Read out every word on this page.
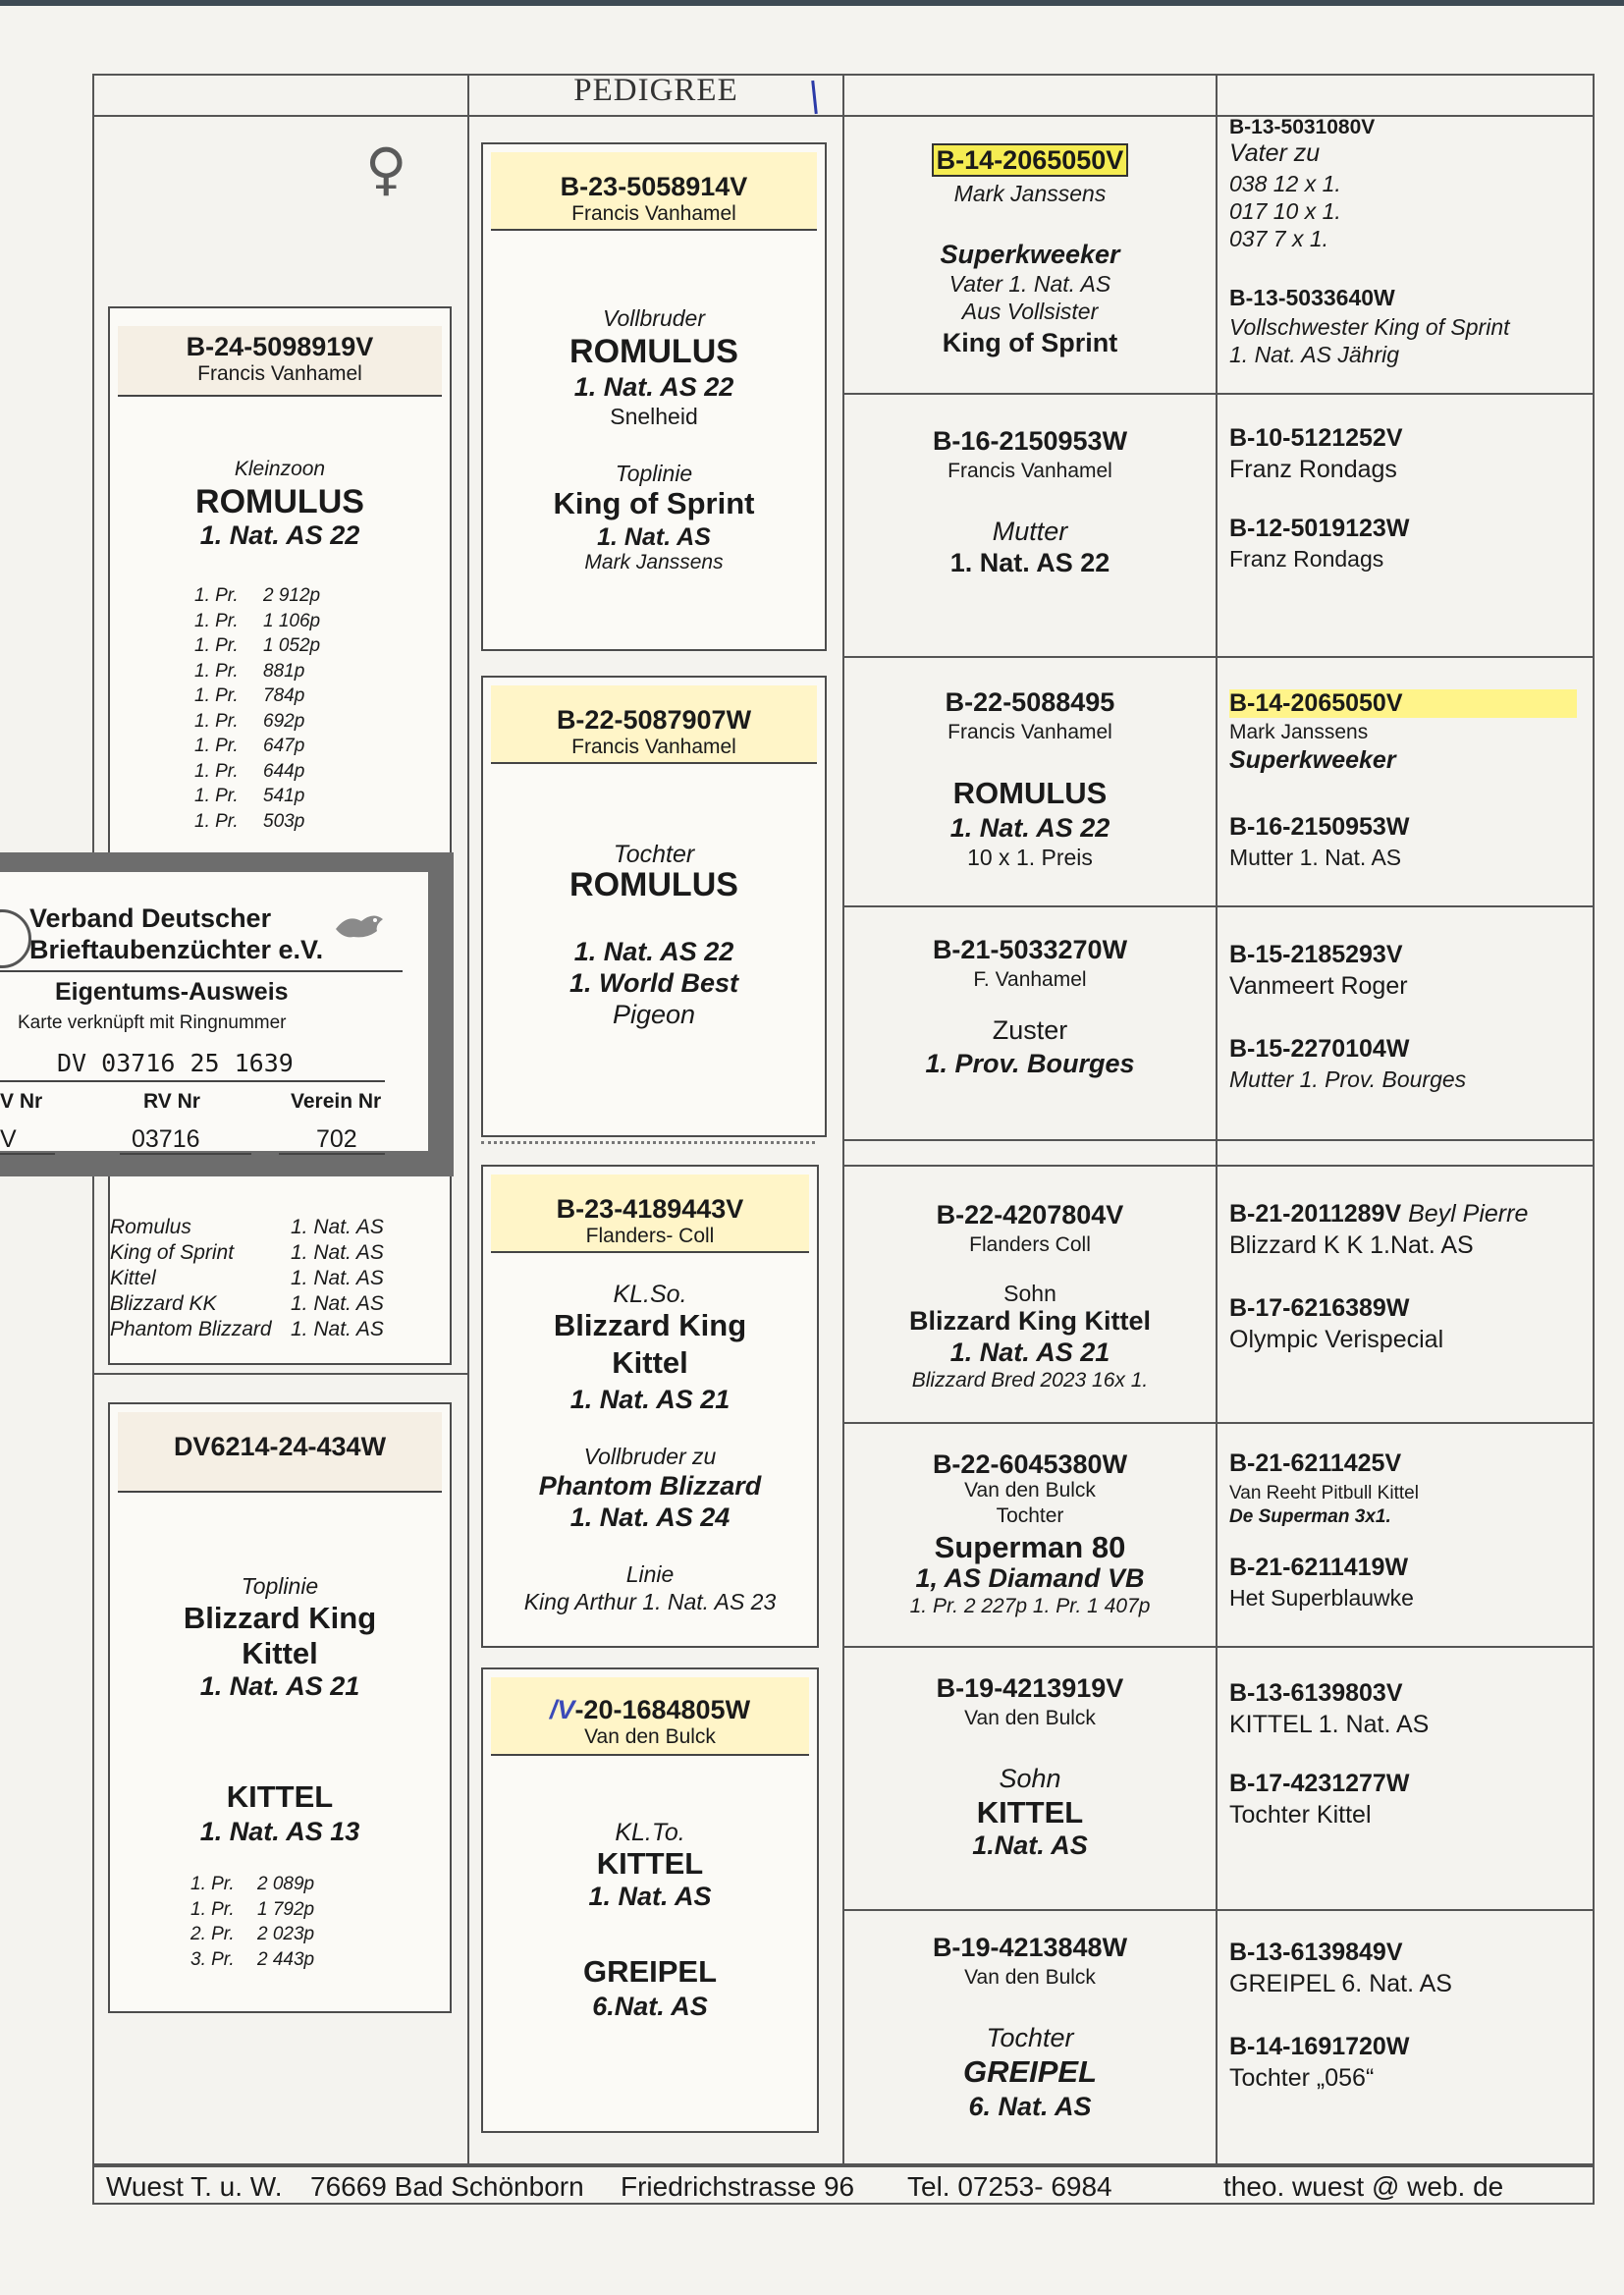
PEDIGREE
♀
B-24-5098919V
Francis Vanhamel
Kleinzoon
ROMULUS
1. Nat. AS 22
1. Pr. 2 912p
1. Pr. 1 106p
1. Pr. 1 052p
1. Pr. 881p
1. Pr. 784p
1. Pr. 692p
1. Pr. 647p
1. Pr. 644p
1. Pr. 541p
1. Pr. 503p
Romulus	1. Nat. AS
King of Sprint	1. Nat. AS
Kittel	1. Nat. AS
Blizzard KK	1. Nat. AS
Phantom Blizzard 1. Nat. AS
Verband Deutscher
Brieftaubenzüchter e.V.
Eigentums-Ausweis
Karte verknüpft mit Ringnummer
DV 03716 25 1639
V Nr	RV Nr	Verein Nr
V	03716	702
DV6214-24-434W
Toplinie
Blizzard King
Kittel
1. Nat. AS 21
KITTEL
1. Nat. AS 13
1. Pr. 2 089p
1. Pr. 1 792p
2. Pr. 2 023p
3. Pr. 2 443p
B-23-5058914V
Francis Vanhamel
Vollbruder
ROMULUS
1. Nat. AS 22
Snelheid
Toplinie
King of Sprint
1. Nat. AS
Mark Janssens
B-22-5087907W
Francis Vanhamel
Tochter
ROMULUS
1. Nat. AS 22
1. World Best
Pigeon
B-23-4189443V
Flanders- Coll
KL.So.
Blizzard King
Kittel
1. Nat. AS 21
Vollbruder zu
Phantom Blizzard
1. Nat. AS 24
Linie
King Arthur 1. Nat. AS 23
/V-20-1684805W
Van den Bulck
KL.To.
KITTEL
1. Nat. AS
GREIPEL
6.Nat. AS
B-14-2065050V
Mark Janssens
Superkweeker
Vater 1. Nat. AS
Aus Vollsister
King of Sprint
B-16-2150953W
Francis Vanhamel
Mutter
1. Nat. AS 22
B-22-5088495
Francis Vanhamel
ROMULUS
1. Nat. AS 22
10 x 1. Preis
B-21-5033270W
F. Vanhamel
Zuster
1. Prov. Bourges
B-22-4207804V
Flanders Coll
Sohn
Blizzard King Kittel
1. Nat. AS 21
Blizzard Bred 2023 16x 1.
B-22-6045380W
Van den Bulck
Tochter
Superman 80
1, AS Diamand VB
1. Pr. 2 227p 1. Pr. 1 407p
B-19-4213919V
Van den Bulck
Sohn
KITTEL
1.Nat. AS
B-19-4213848W
Van den Bulck
Tochter
GREIPEL
6. Nat. AS
B-13-5031080V
Vater zu
038 12 x 1.
017 10 x 1.
037 7 x 1.
B-13-5033640W
Vollschwester King of Sprint
1. Nat. AS Jährig
B-10-5121252V
Franz Rondags
B-12-5019123W
Franz Rondags
B-14-2065050V
Mark Janssens
Superkweeker
B-16-2150953W
Mutter 1. Nat. AS
B-15-2185293V
Vanmeert Roger
B-15-2270104W
Mutter 1. Prov. Bourges
B-21-2011289V Beyl Pierre
Blizzard K K 1.Nat. AS
B-17-6216389W
Olympic Verispecial
B-21-6211425V
Van Reeht Pitbull Kittel
De Superman 3x1.
B-21-6211419W
Het Superblauwke
B-13-6139803V
KITTEL 1. Nat. AS
B-17-4231277W
Tochter Kittel
B-13-6139849V
GREIPEL 6. Nat. AS
B-14-1691720W
Tochter „056“
Wuest T. u. W. 76669 Bad Schönborn Friedrichstrasse 96 Tel. 07253- 6984	theo. wuest @ web. de
